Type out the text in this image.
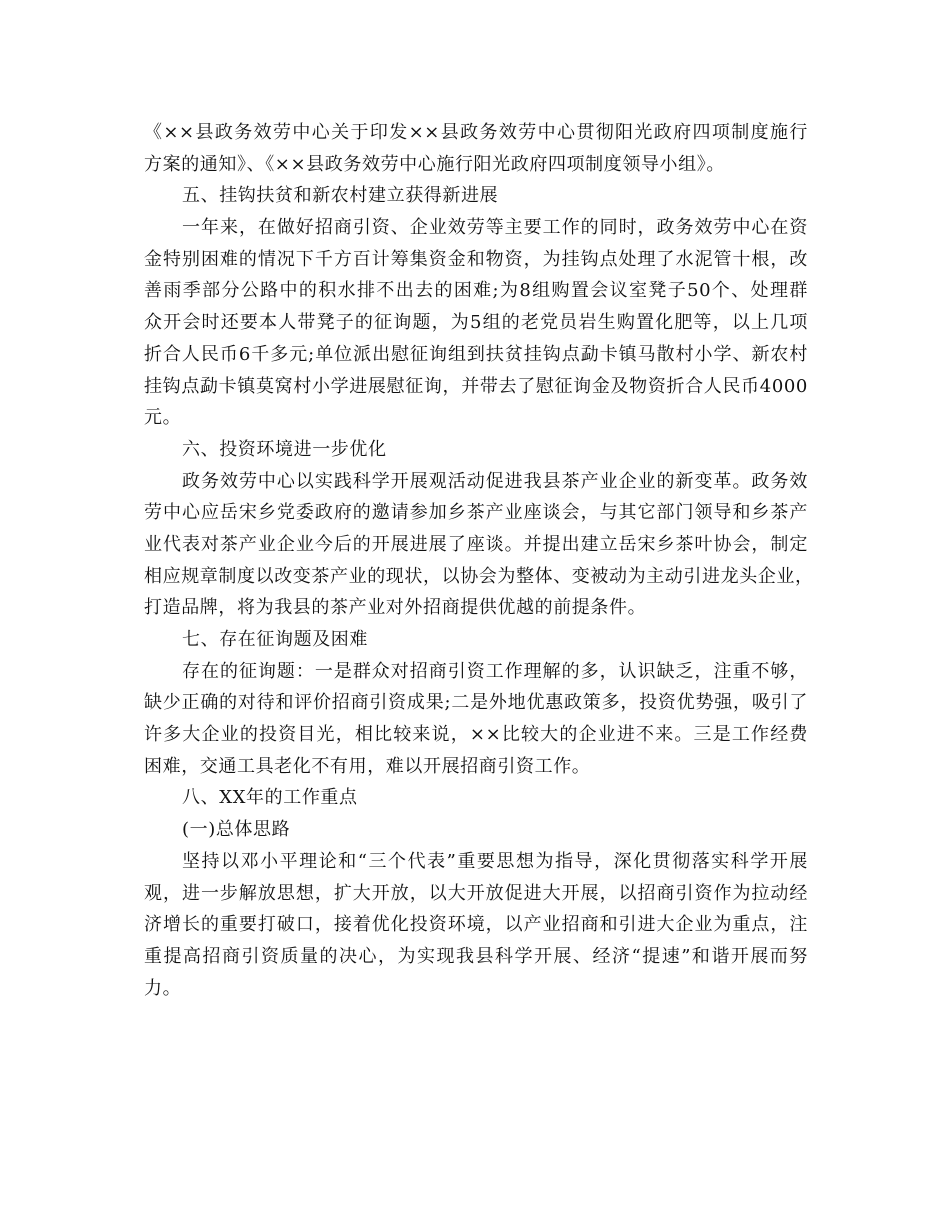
《××县政务效劳中心关于印发××县政务效劳中心贯彻阳光政府四项制度施行
方案的通知》、《××县政务效劳中心施行阳光政府四项制度领导小组》。
五、挂钩扶贫和新农村建立获得新进展
一年来，在做好招商引资、企业效劳等主要工作的同时，政务效劳中心在资
金特别困难的情况下千方百计筹集资金和物资，为挂钩点处理了水泥管十根，改
善雨季部分公路中的积水排不出去的困难;为8组购置会议室凳子50个、处理群
众开会时还要本人带凳子的征询题，为5组的老党员岩生购置化肥等，以上几项
折合人民币6千多元;单位派出慰征询组到扶贫挂钩点勐卡镇马散村小学、新农村
挂钩点勐卡镇莫窝村小学进展慰征询，并带去了慰征询金及物资折合人民币4000
元。
六、投资环境进一步优化
政务效劳中心以实践科学开展观活动促进我县茶产业企业的新变革。政务效
劳中心应岳宋乡党委政府的邀请参加乡茶产业座谈会，与其它部门领导和乡茶产
业代表对茶产业企业今后的开展进展了座谈。并提出建立岳宋乡茶叶协会，制定
相应规章制度以改变茶产业的现状，以协会为整体、变被动为主动引进龙头企业，
打造品牌，将为我县的茶产业对外招商提供优越的前提条件。
七、存在征询题及困难
存在的征询题：一是群众对招商引资工作理解的多，认识缺乏，注重不够，
缺少正确的对待和评价招商引资成果;二是外地优惠政策多，投资优势强，吸引了
许多大企业的投资目光，相比较来说，××比较大的企业进不来。三是工作经费
困难，交通工具老化不有用，难以开展招商引资工作。
八、XX年的工作重点
(一)总体思路
坚持以邓小平理论和“三个代表”重要思想为指导，深化贯彻落实科学开展
观，进一步解放思想，扩大开放，以大开放促进大开展，以招商引资作为拉动经
济增长的重要打破口，接着优化投资环境，以产业招商和引进大企业为重点，注
重提高招商引资质量的决心，为实现我县科学开展、经济“提速”和谐开展而努
力。
